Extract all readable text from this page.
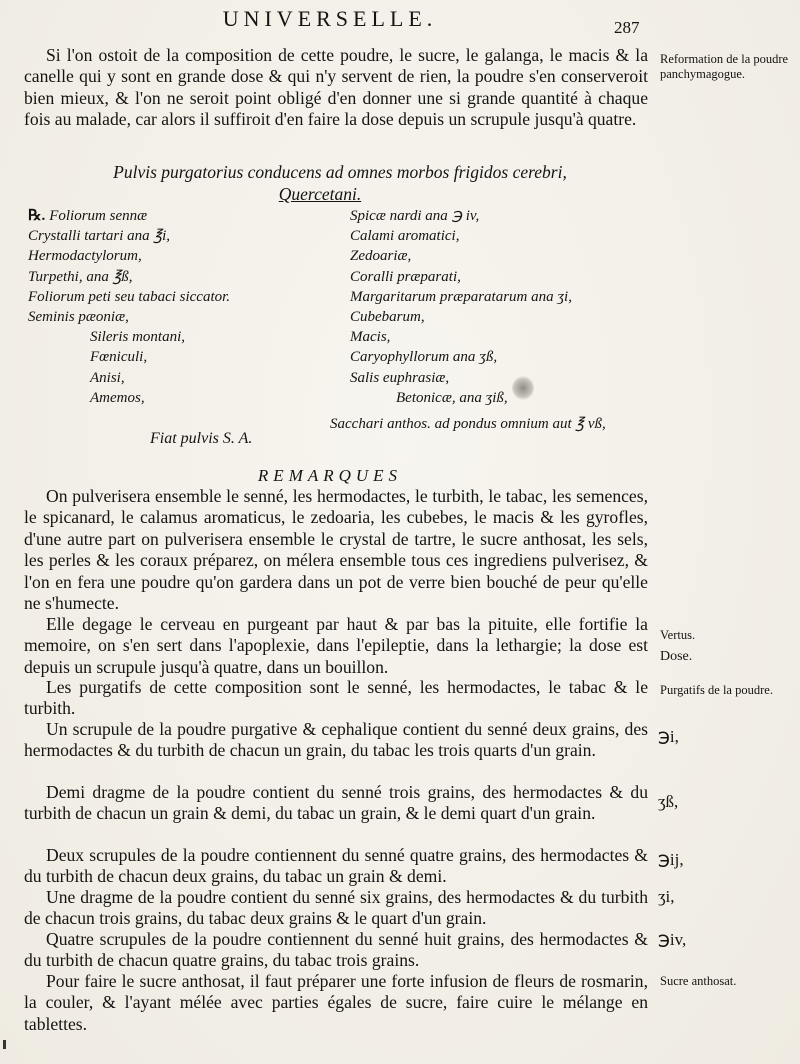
UNIVERSELLE.	287

Si l'on ostoit de la composition de cette poudre, le sucre, le galanga, le macis & la canelle qui y sont en grande dose & qui n'y servent de rien, la poudre s'en conserveroit bien mieux, & l'on ne seroit point obligé d'en donner une si grande quantité à chaque fois au malade, car alors il suffiroit d'en faire la dose depuis un scrupule jusqu'à quatre.

Reformation de la poudre panchymagogue.
Pulvis purgatorius conducens ad omnes morbos frigidos cerebri,
Quercetani.
℞. Foliorum sennæ
Crystalli tartari ana ℥i,
Hermodactylorum,
Turpethi, ana ℥ß,
Foliorum peti seu tabaci siccator.
Seminis pæoniæ,
Sileris montani,
Fœniculi,
Anisi,
Amemos,
Spicæ nardi ana ℈ iv,
Calami aromatici,
Zedoariæ,
Coralli præparati,
Margaritarum præparatarum ana ʒi,
Cubebarum,
Macis,
Caryophyllorum ana ʒß,
Salis euphrasiæ,
Betonicæ, ana ʒiß,
Sacchari anthos. ad pondus omnium aut ℥ vß,
Fiat pulvis S. A.
REMARQUES

On pulverisera ensemble le senné, les hermodactes, le turbith, le tabac, les semences, le spicanard, le calamus aromaticus, le zedoaria, les cubebes, le macis & les gyrofles, d'une autre part on pulverisera ensemble le crystal de tartre, le sucre anthosat, les sels, les perles & les coraux préparez, on mélera ensemble tous ces ingrediens pulverisez, & l'on en fera une poudre qu'on gardera dans un pot de verre bien bouché de peur qu'elle ne s'humecte.

Elle degage le cerveau en purgeant par haut & par bas la pituite, elle fortifie la memoire, on s'en sert dans l'apoplexie, dans l'epileptie, dans la lethargie; la dose est depuis un scrupule jusqu'à quatre, dans un bouillon.

Les purgatifs de cette composition sont le senné, les hermodactes, le tabac & le turbith.

Un scrupule de la poudre purgative & cephalique contient du senné deux grains, des hermodactes & du turbith de chacun un grain, du tabac les trois quarts d'un grain.

Demi dragme de la poudre contient du senné trois grains, des hermodactes & du turbith de chacun un grain & demi, du tabac un grain, & le demi quart d'un grain.

Deux scrupules de la poudre contiennent du senné quatre grains, des hermodactes & du turbith de chacun deux grains, du tabac un grain & demi.

Une dragme de la poudre contient du senné six grains, des hermodactes & du turbith de chacun trois grains, du tabac deux grains & le quart d'un grain.

Quatre scrupules de la poudre contiennent du senné huit grains, des hermodactes & du turbith de chacun quatre grains, du tabac trois grains.

Pour faire le sucre anthosat, il faut préparer une forte infusion de fleurs de rosmarin, la couler, & l'ayant mélée avec parties égales de sucre, faire cuire le mélange en tablettes.

Vertus.
Dose.
Purgatifs de la poudre.
℈i,
ʒß,
℈ij,
ʒi,
℈iv,
Sucre anthosat.
